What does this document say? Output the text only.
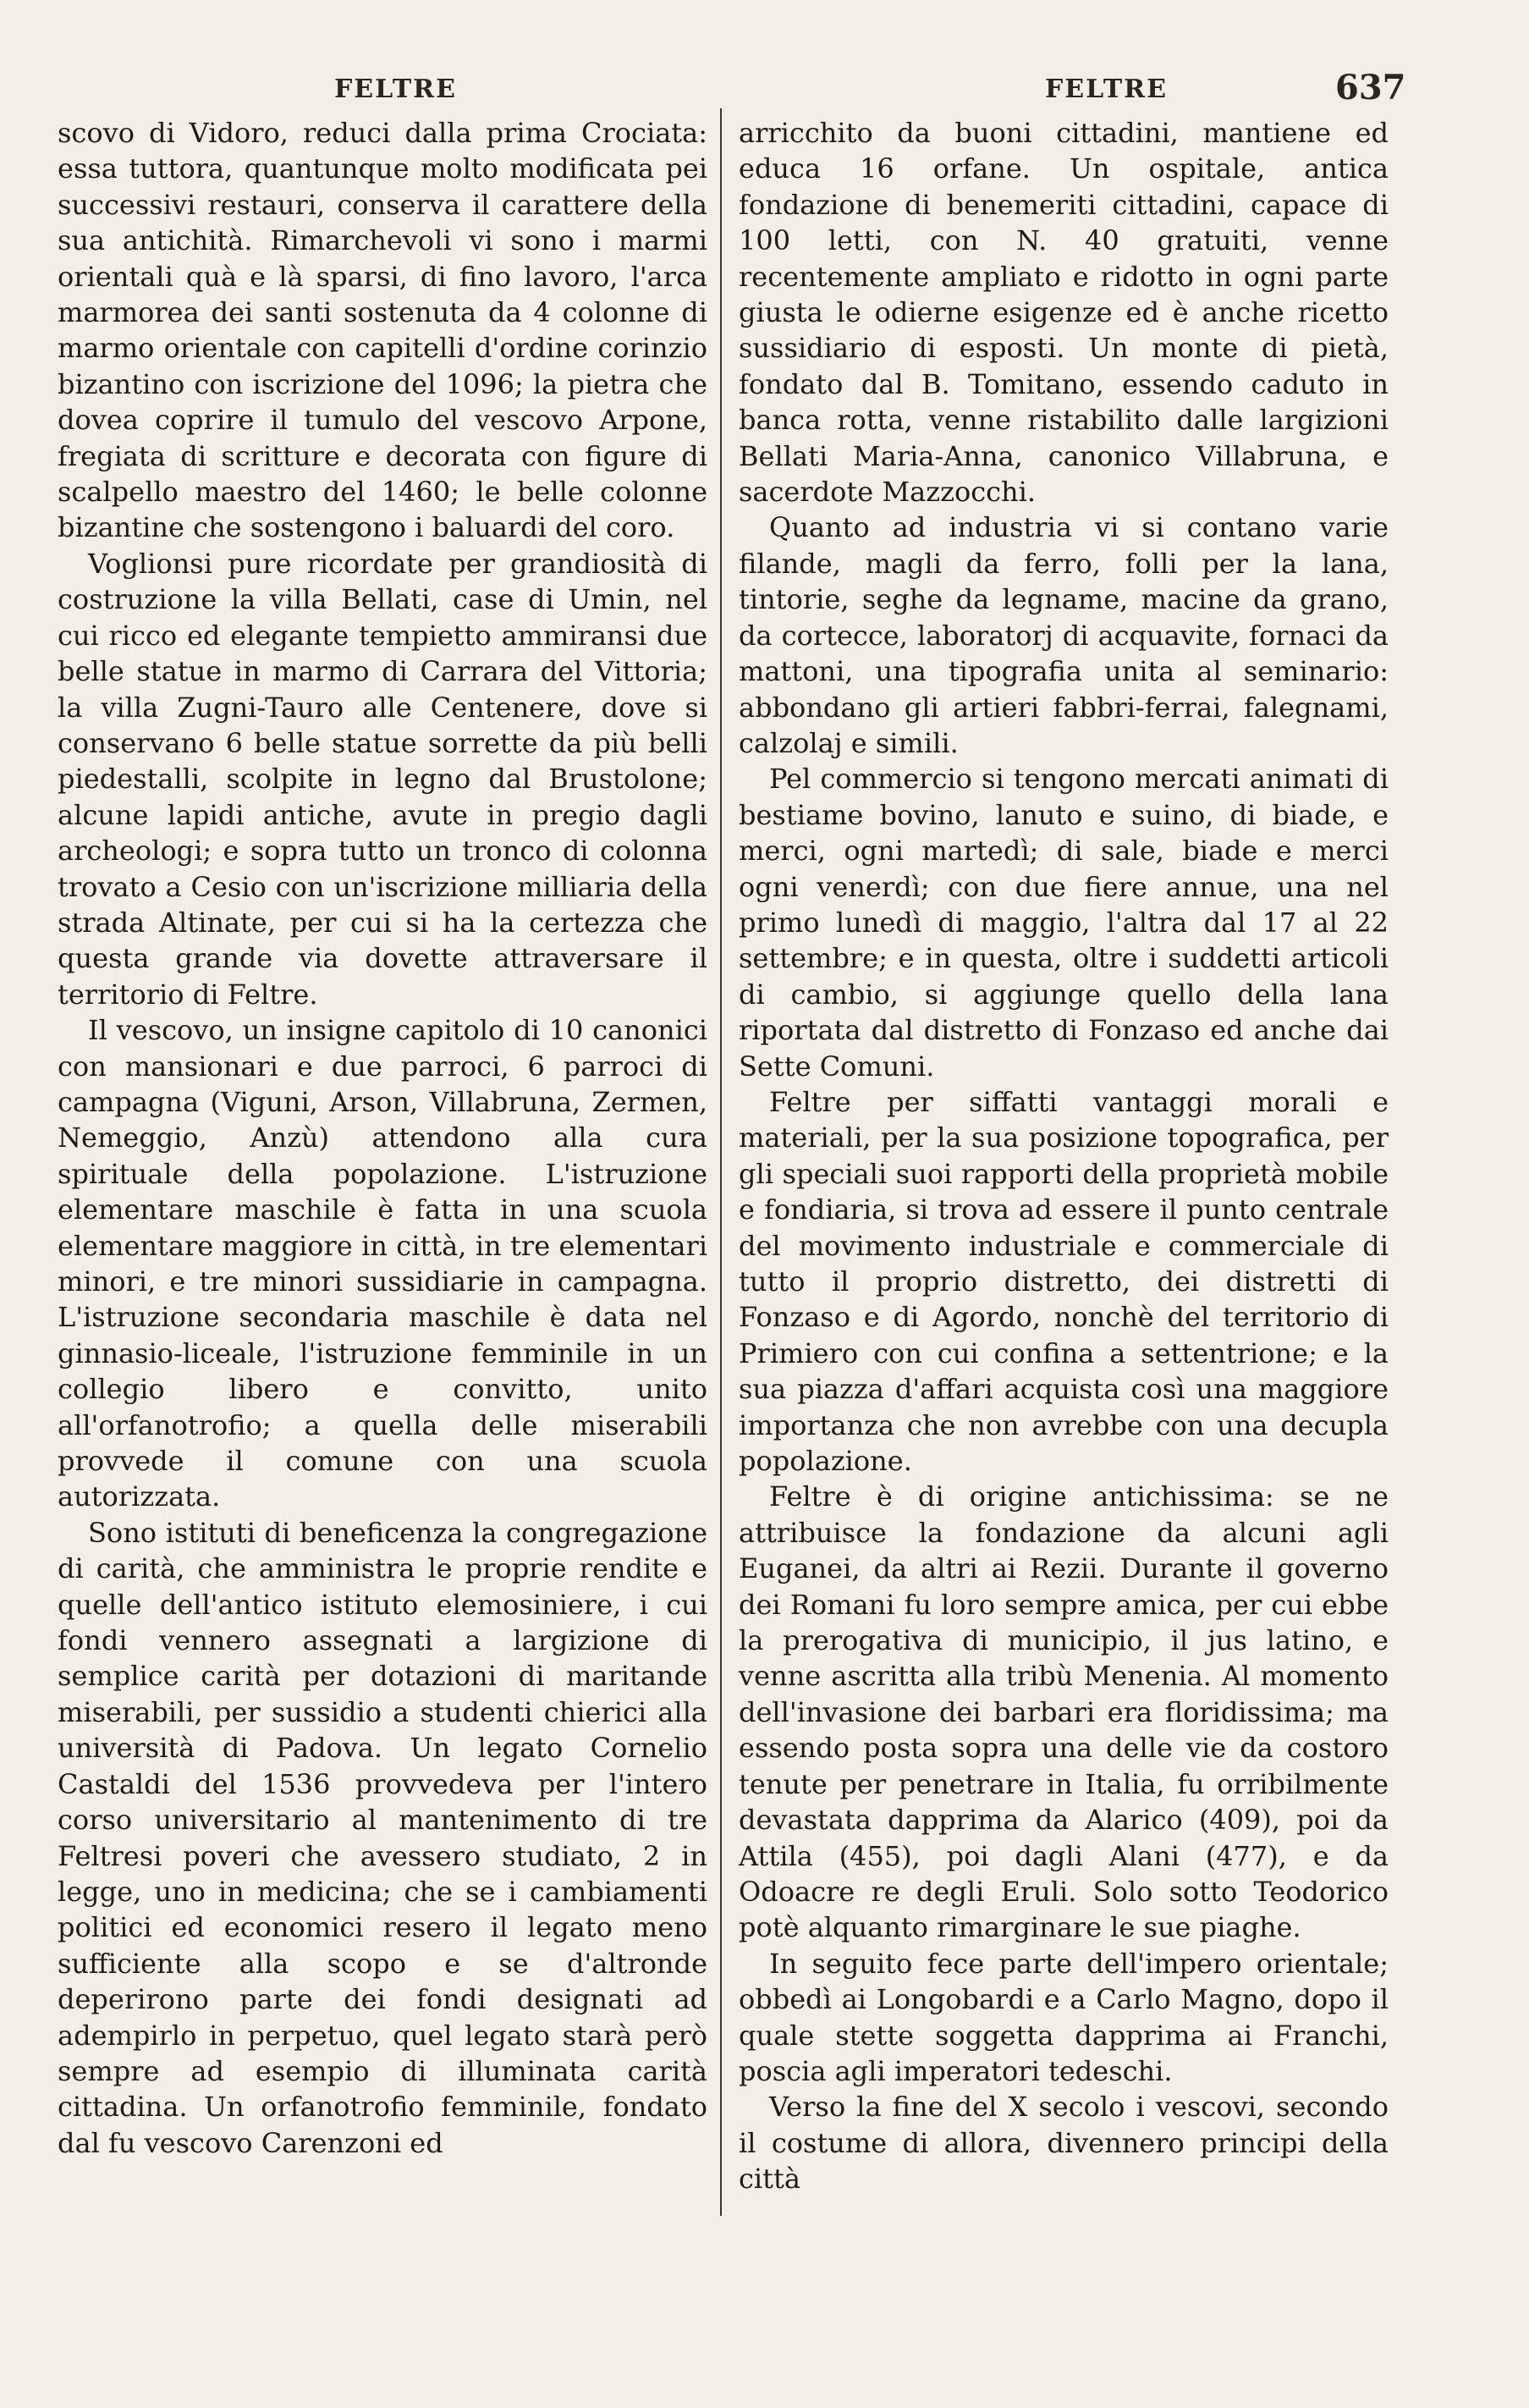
FELTRE	FELTRE	637

scovo di Vidoro, reduci dalla prima Crociata: essa tuttora, quantunque molto modificata pei successivi restauri, conserva il carattere della sua antichità. Rimarchevoli vi sono i marmi orientali quà e là sparsi, di fino lavoro, l'arca marmorea dei santi sostenuta da 4 colonne di marmo orientale con capitelli d'ordine corinzio bizantino con iscrizione del 1096; la pietra che dovea coprire il tumulo del vescovo Arpone, fregiata di scritture e decorata con figure di scalpello maestro del 1460; le belle colonne bizantine che sostengono i baluardi del coro.

Voglionsi pure ricordate per grandiosità di costruzione la villa Bellati, case di Umin, nel cui ricco ed elegante tempietto ammiransi due belle statue in marmo di Carrara del Vittoria; la villa Zugni-Tauro alle Centenere, dove si conservano 6 belle statue sorrette da più belli piedestalli, scolpite in legno dal Brustolone; alcune lapidi antiche, avute in pregio dagli archeologi; e sopra tutto un tronco di colonna trovato a Cesio con un'iscrizione milliaria della strada Altinate, per cui si ha la certezza che questa grande via dovette attraversare il territorio di Feltre.

Il vescovo, un insigne capitolo di 10 canonici con mansionari e due parroci, 6 parroci di campagna (Viguni, Arson, Villabruna, Zermen, Nemeggio, Anzù) attendono alla cura spirituale della popolazione. L'istruzione elementare maschile è fatta in una scuola elementare maggiore in città, in tre elementari minori, e tre minori sussidiarie in campagna. L'istruzione secondaria maschile è data nel ginnasio-liceale, l'istruzione femminile in un collegio libero e convitto, unito all'orfanotrofio; a quella delle miserabili provvede il comune con una scuola autorizzata.

Sono istituti di beneficenza la congregazione di carità, che amministra le proprie rendite e quelle dell'antico istituto elemosiniere, i cui fondi vennero assegnati a largizione di semplice carità per dotazioni di maritande miserabili, per sussidio a studenti chierici alla università di Padova. Un legato Cornelio Castaldi del 1536 provvedeva per l'intero corso universitario al mantenimento di tre Feltresi poveri che avessero studiato, 2 in legge, uno in medicina; che se i cambiamenti politici ed economici resero il legato meno sufficiente alla scopo e se d'altronde deperirono parte dei fondi designati ad adempirlo in perpetuo, quel legato starà però sempre ad esempio di illuminata carità cittadina. Un orfanotrofio femminile, fondato dal fu vescovo Carenzoni ed

arricchito da buoni cittadini, mantiene ed educa 16 orfane. Un ospitale, antica fondazione di benemeriti cittadini, capace di 100 letti, con N. 40 gratuiti, venne recentemente ampliato e ridotto in ogni parte giusta le odierne esigenze ed è anche ricetto sussidiario di esposti. Un monte di pietà, fondato dal B. Tomitano, essendo caduto in banca rotta, venne ristabilito dalle largizioni Bellati Maria-Anna, canonico Villabruna, e sacerdote Mazzocchi.

Quanto ad industria vi si contano varie filande, magli da ferro, folli per la lana, tintorie, seghe da legname, macine da grano, da cortecce, laboratorj di acquavite, fornaci da mattoni, una tipografia unita al seminario: abbondano gli artieri fabbri-ferrai, falegnami, calzolaj e simili.

Pel commercio si tengono mercati animati di bestiame bovino, lanuto e suino, di biade, e merci, ogni martedì; di sale, biade e merci ogni venerdì; con due fiere annue, una nel primo lunedì di maggio, l'altra dal 17 al 22 settembre; e in questa, oltre i suddetti articoli di cambio, si aggiunge quello della lana riportata dal distretto di Fonzaso ed anche dai Sette Comuni.

Feltre per siffatti vantaggi morali e materiali, per la sua posizione topografica, per gli speciali suoi rapporti della proprietà mobile e fondiaria, si trova ad essere il punto centrale del movimento industriale e commerciale di tutto il proprio distretto, dei distretti di Fonzaso e di Agordo, nonchè del territorio di Primiero con cui confina a settentrione; e la sua piazza d'affari acquista così una maggiore importanza che non avrebbe con una decupla popolazione.

Feltre è di origine antichissima: se ne attribuisce la fondazione da alcuni agli Euganei, da altri ai Rezii. Durante il governo dei Romani fu loro sempre amica, per cui ebbe la prerogativa di municipio, il jus latino, e venne ascritta alla tribù Menenia. Al momento dell'invasione dei barbari era floridissima; ma essendo posta sopra una delle vie da costoro tenute per penetrare in Italia, fu orribilmente devastata dapprima da Alarico (409), poi da Attila (455), poi dagli Alani (477), e da Odoacre re degli Eruli. Solo sotto Teodorico potè alquanto rimarginare le sue piaghe.

In seguito fece parte dell'impero orientale; obbedì ai Longobardi e a Carlo Magno, dopo il quale stette soggetta dapprima ai Franchi, poscia agli imperatori tedeschi.

Verso la fine del X secolo i vescovi, secondo il costume di allora, divennero principi della città
